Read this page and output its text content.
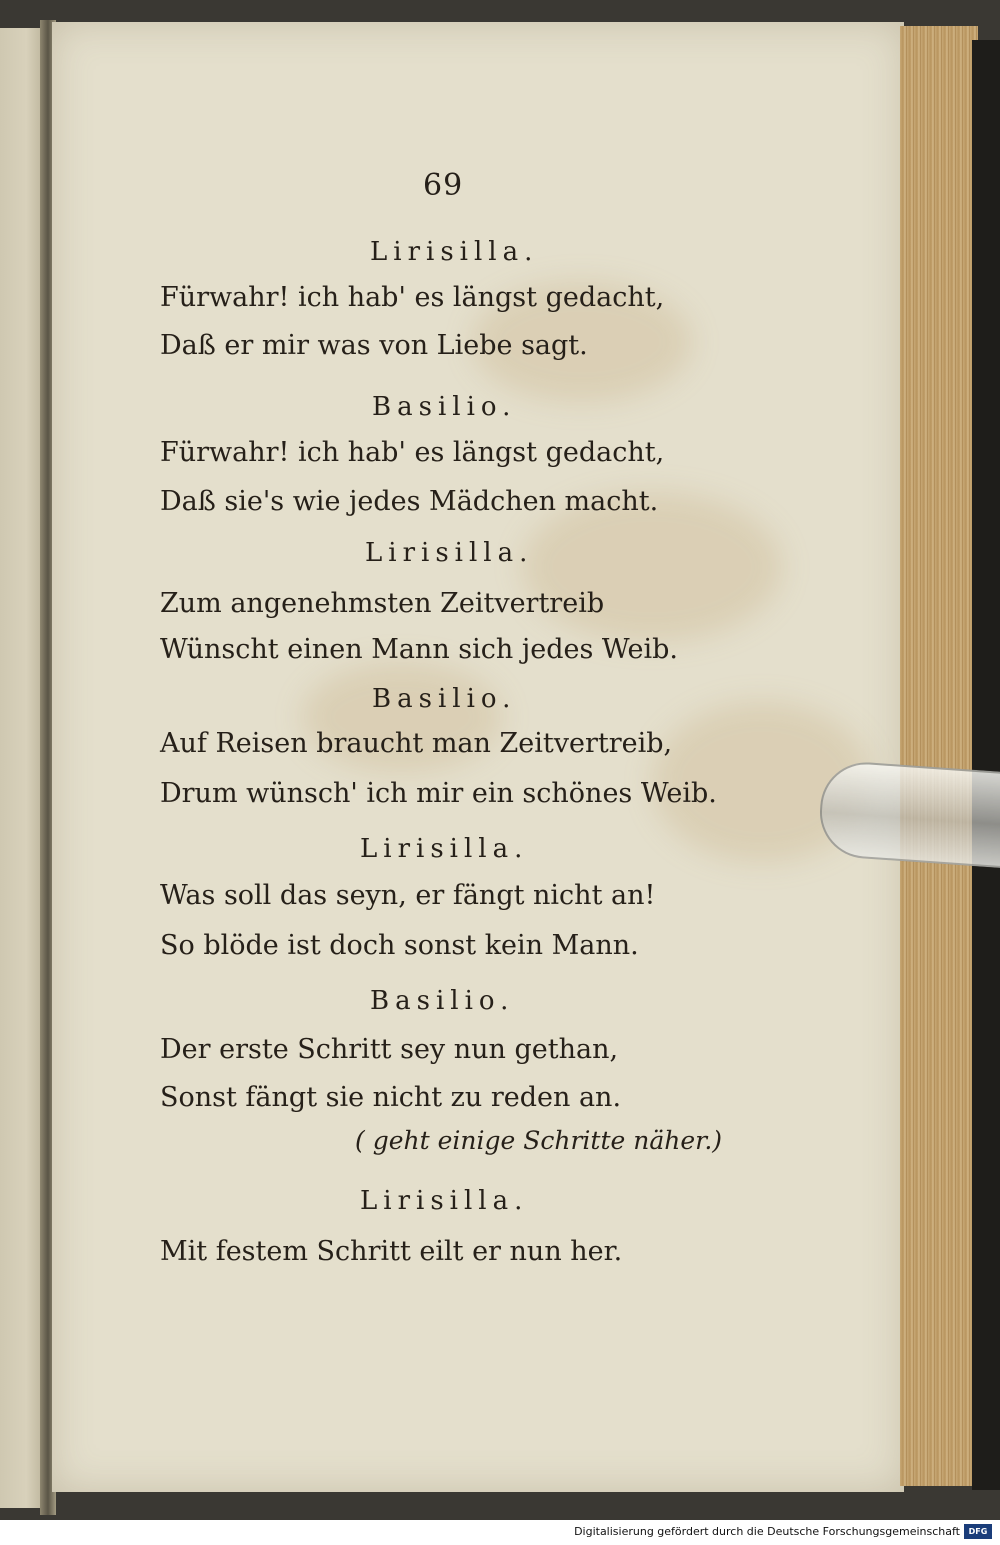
69
Lirisilla.
Fürwahr! ich hab' es längst gedacht,
Daß er mir was von Liebe sagt.
Basilio.
Fürwahr! ich hab' es längst gedacht,
Daß sie's wie jedes Mädchen macht.
Lirisilla.
Zum angenehmsten Zeitvertreib
Wünscht einen Mann sich jedes Weib.
Basilio.
Auf Reisen braucht man Zeitvertreib,
Drum wünsch' ich mir ein schönes Weib.
Lirisilla.
Was soll das seyn, er fängt nicht an!
So blöde ist doch sonst kein Mann.
Basilio.
Der erste Schritt sey nun gethan,
Sonst fängt sie nicht zu reden an.
( geht einige Schritte näher.)
Lirisilla.
Mit festem Schritt eilt er nun her.
Digitalisierung gefördert durch die Deutsche Forschungsgemeinschaft	DFG
